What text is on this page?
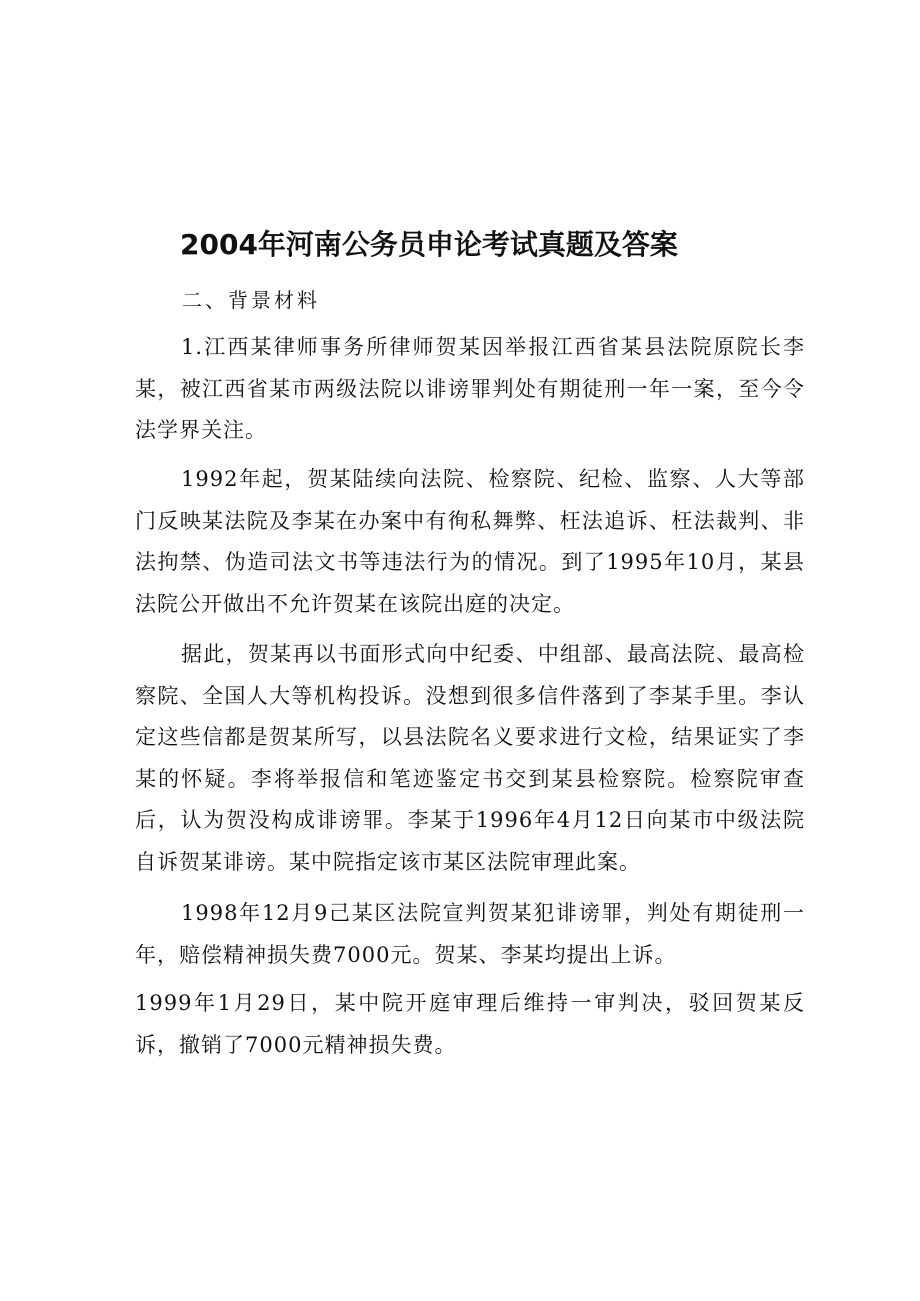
2004年河南公务员申论考试真题及答案
二、背景材料

1.江西某律师事务所律师贺某因举报江西省某县法院原院长李某，被江西省某市两级法院以诽谤罪判处有期徒刑一年一案，至今令法学界关注。

1992年起，贺某陆续向法院、检察院、纪检、监察、人大等部门反映某法院及李某在办案中有徇私舞弊、枉法追诉、枉法裁判、非法拘禁、伪造司法文书等违法行为的情况。到了1995年10月，某县法院公开做出不允许贺某在该院出庭的决定。

据此，贺某再以书面形式向中纪委、中组部、最高法院、最高检察院、全国人大等机构投诉。没想到很多信件落到了李某手里。李认定这些信都是贺某所写，以县法院名义要求进行文检，结果证实了李某的怀疑。李将举报信和笔迹鉴定书交到某县检察院。检察院审查后，认为贺没构成诽谤罪。李某于1996年4月12日向某市中级法院自诉贺某诽谤。某中院指定该市某区法院审理此案。

1998年12月9己某区法院宣判贺某犯诽谤罪，判处有期徒刑一年，赔偿精神损失费7000元。贺某、李某均提出上诉。

1999年1月29日，某中院开庭审理后维持一审判决，驳回贺某反诉，撤销了7000元精神损失费。
